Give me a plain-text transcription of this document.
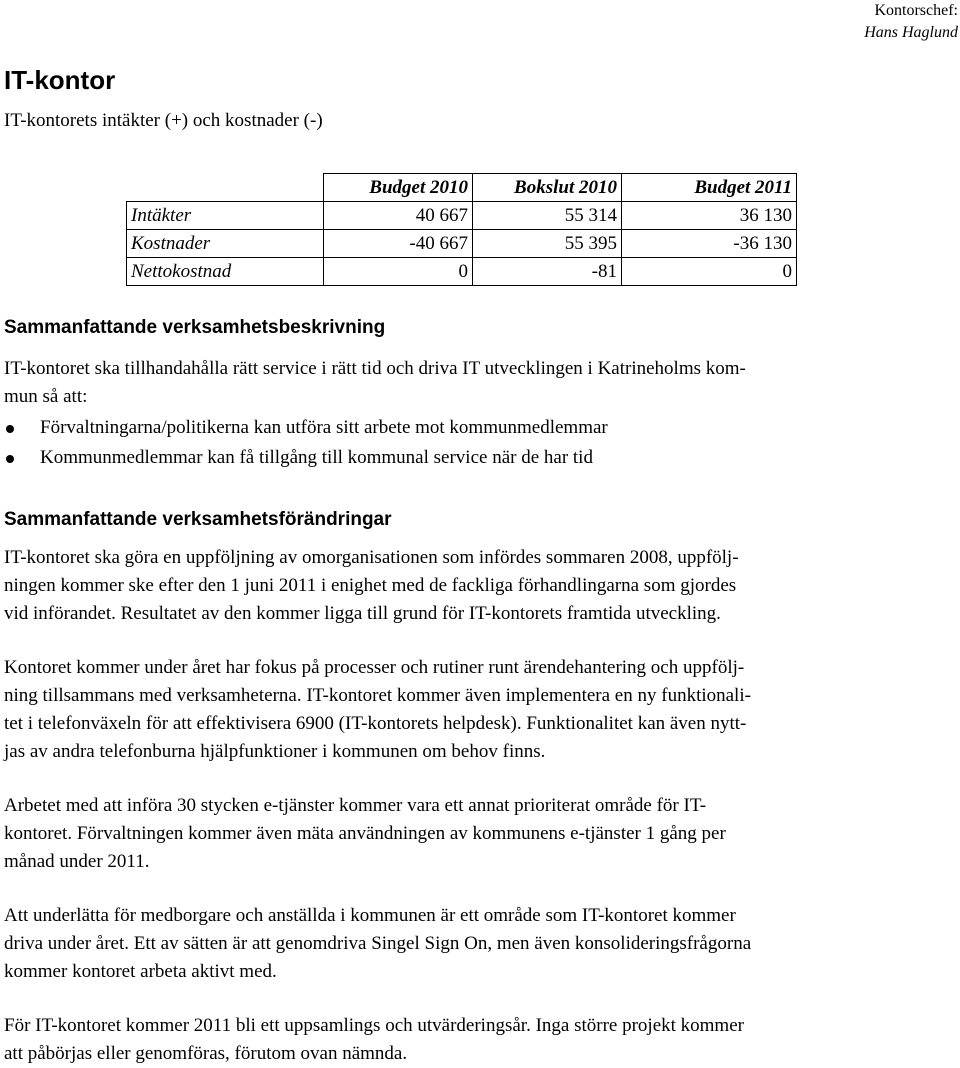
Kontorschef:
Hans Haglund
IT-kontor
IT-kontorets intäkter (+) och kostnader (-)
	Budget 2010	Bokslut 2010	Budget 2011
Intäkter	40 667	55 314	36 130
Kostnader	-40 667	55 395	-36 130
Nettokostnad	0	-81	0
Sammanfattande verksamhetsbeskrivning
IT-kontoret ska tillhandahålla rätt service i rätt tid och driva IT utvecklingen i Katrineholms kom-
mun så att:
Förvaltningarna/politikerna kan utföra sitt arbete mot kommunmedlemmar
Kommunmedlemmar kan få tillgång till kommunal service när de har tid
Sammanfattande verksamhetsförändringar
IT-kontoret ska göra en uppföljning av omorganisationen som infördes sommaren 2008, uppfölj-
ningen kommer ske efter den 1 juni 2011 i enighet med de fackliga förhandlingarna som gjordes
vid införandet. Resultatet av den kommer ligga till grund för IT-kontorets framtida utveckling.
Kontoret kommer under året har fokus på processer och rutiner runt ärendehantering och uppfölj-
ning tillsammans med verksamheterna. IT-kontoret kommer även implementera en ny funktionali-
tet i telefonväxeln för att effektivisera 6900 (IT-kontorets helpdesk). Funktionalitet kan även nytt-
jas av andra telefonburna hjälpfunktioner i kommunen om behov finns.
Arbetet med att införa 30 stycken e-tjänster kommer vara ett annat prioriterat område för IT-
kontoret. Förvaltningen kommer även mäta användningen av kommunens e-tjänster 1 gång per
månad under 2011.
Att underlätta för medborgare och anställda i kommunen är ett område som IT-kontoret kommer
driva under året. Ett av sätten är att genomdriva Singel Sign On, men även konsolideringsfrågorna
kommer kontoret arbeta aktivt med.
För IT-kontoret kommer 2011 bli ett uppsamlings och utvärderingsår. Inga större projekt kommer
att påbörjas eller genomföras, förutom ovan nämnda.
